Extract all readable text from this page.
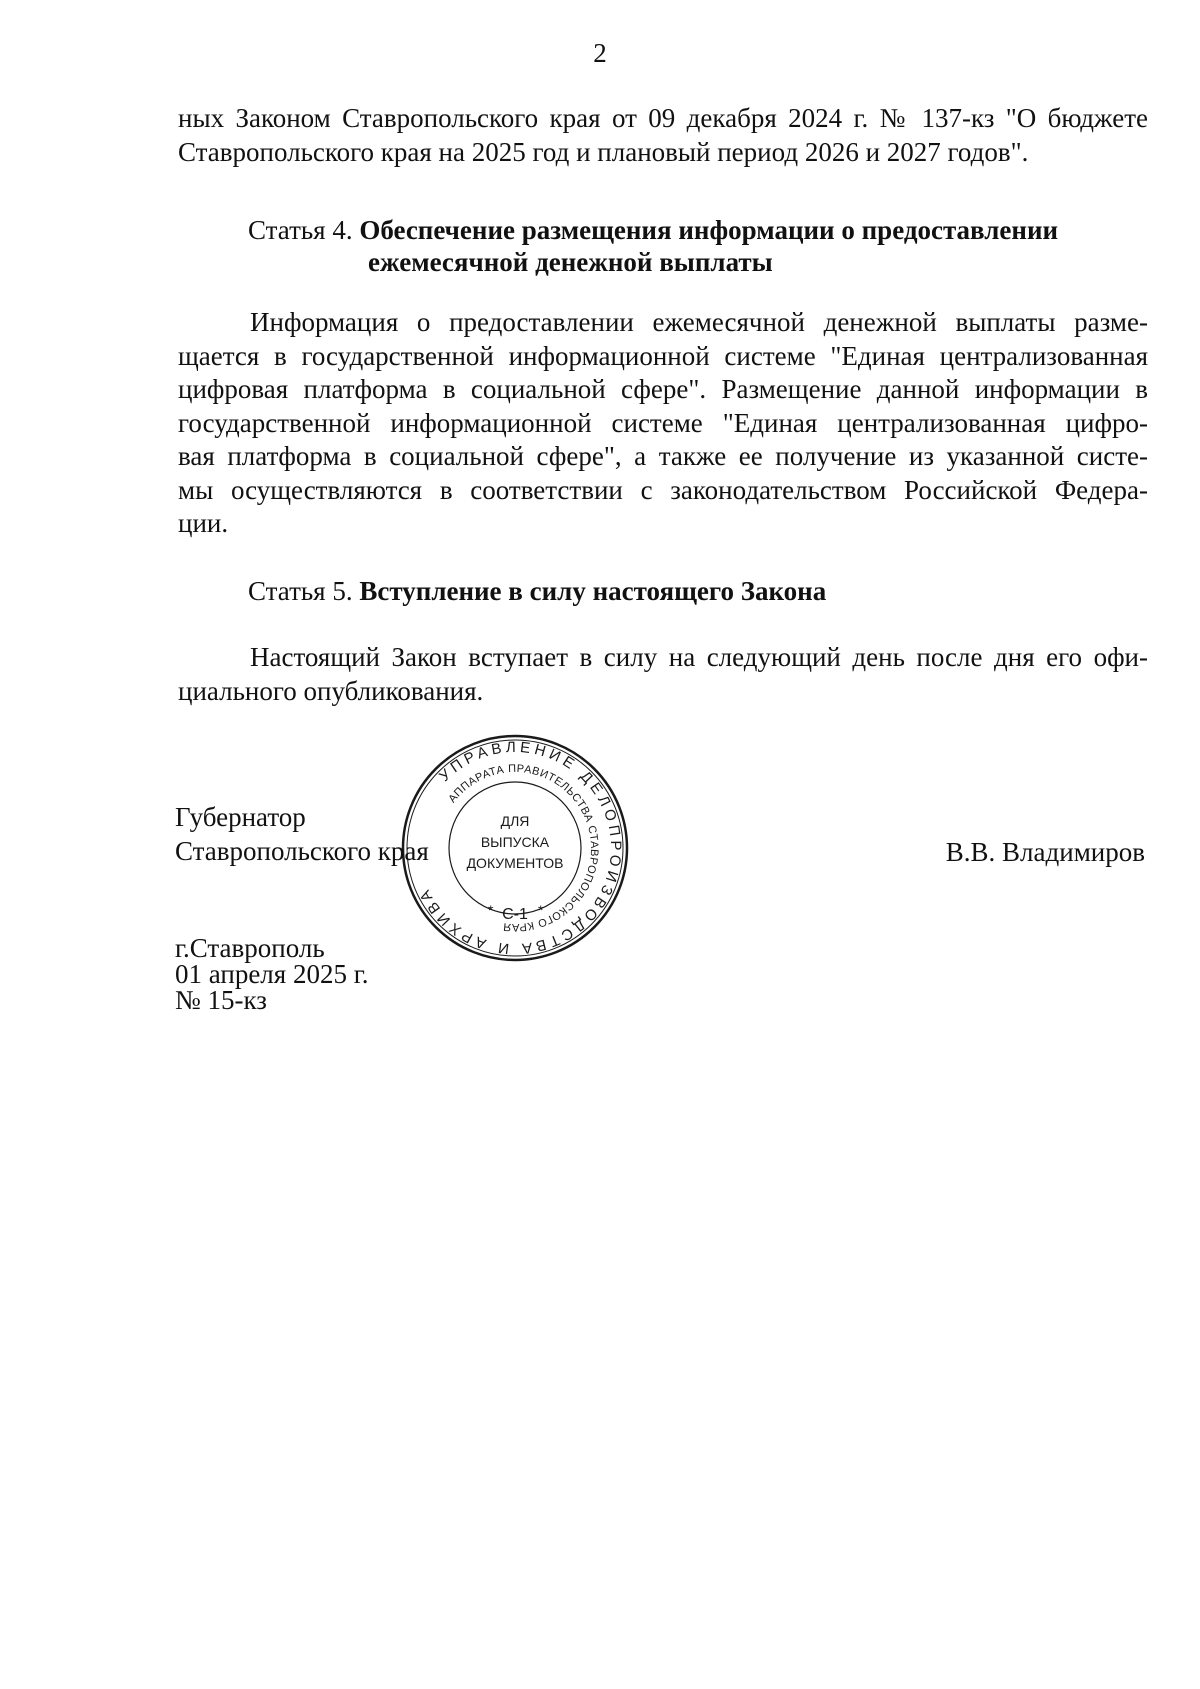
2
ных Законом Ставропольского края от 09 декабря 2024 г. № 137-кз "О бюджете
Ставропольского края на 2025 год и плановый период 2026 и 2027 годов".
Статья 4. Обеспечение размещения информации о предоставлении
ежемесячной денежной выплаты
Информация о предоставлении ежемесячной денежной выплаты разме-
щается в государственной информационной системе "Единая централизованная
цифровая платформа в социальной сфере". Размещение данной информации в
государственной информационной системе "Единая централизованная цифро-
вая платформа в социальной сфере", а также ее получение из указанной систе-
мы осуществляются в соответствии с законодательством Российской Федера-
ции.
Статья 5. Вступление в силу настоящего Закона
Настоящий Закон вступает в силу на следующий день после дня его офи-
циального опубликования.
УПРАВЛЕНИЕ ДЕЛОПРОИЗВОДСТВА И АРХИВА
АППАРАТА ПРАВИТЕЛЬСТВА СТАВРОПОЛЬСКОГО КРАЯ
ДЛЯ
ВЫПУСКА
ДОКУМЕНТОВ
С-1
*	*
Губернатор
Ставропольского края	В.В. Владимиров
г.Ставрополь
01 апреля 2025 г.
№ 15-кз
